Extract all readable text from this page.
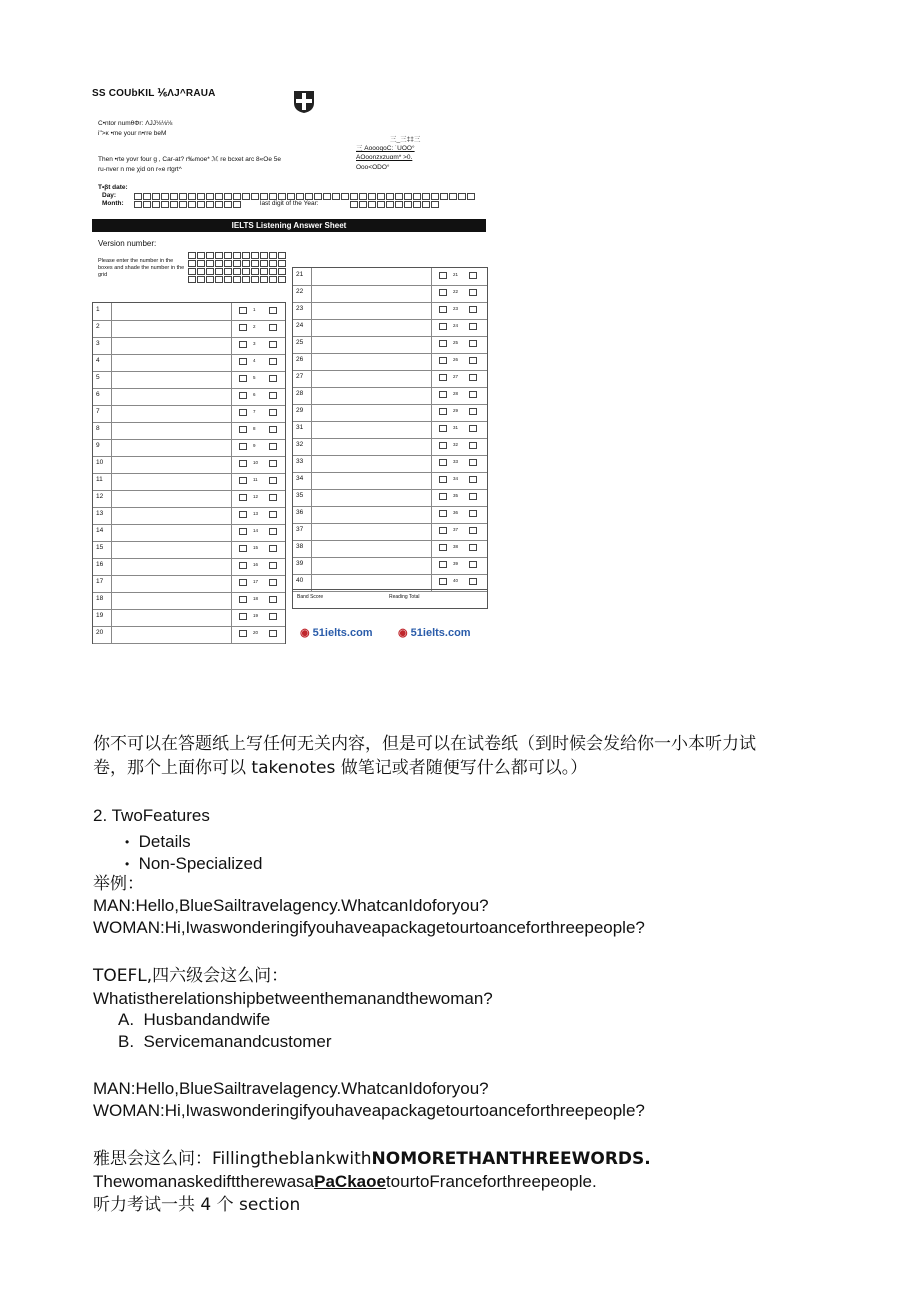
SS COUbKIL ⅙ΛJ^RAUA
C•ntor numθΦr: ΛJJ⅛⅛⅛
i">κ •me your n•rre beM
Then •rte yovr four g , Car-at? r‰moe* ℳ re bcxet arc 8«Oe 5e
ru-nver n me χid on r«e rtgrt^
三_三‡‡三
三 AoooqoC: ˙UOO°
AOoonzxzuαm* >0.
Ooo<ODO°
T•βt date:
Day:
Month:	last digit of the Year:
IELTS Listening Answer Sheet
Version number:
Please enter the number in the boxes and shade the number in the grid
1	1
2	2
3	3
4	4
5	5
6	6
7	7
8	8
9	9
10	10
11	11
12	12
13	13
14	14
15	15
16	16
17	17
18	18
19	19
20	20
21	21
22	22
23	23
24	24
25	25
26	26
27	27
28	28
29	29
31	31
32	32
33	33
34	34
35	35
36	36
37	37
38	38
39	39
40	40
Band Score	Reading Total
◉ 51ielts.com ◉ 51ielts.com
你不可以在答题纸上写任何无关内容，但是可以在试卷纸（到时候会发给你一小本听力试
卷，那个上面你可以 takenotes 做笔记或者随便写什么都可以。）
2. TwoFeatures
• Details
• Non-Specialized
举例：
MAN:Hello,BlueSailtravelagency.WhatcanIdoforyou?
WOMAN:Hi,Iwaswonderingifyouhaveapackagetourtoanceforthreepeople?
TOEFL,四六级会这么问：
Whatistherelationshipbetweenthemanandthewoman?
A. Husbandandwife
B. Servicemanandcustomer
MAN:Hello,BlueSailtravelagency.WhatcanIdoforyou?
WOMAN:Hi,Iwaswonderingifyouhaveapackagetourtoanceforthreepeople?
雅思会这么问：FillingtheblankwithNOMORETHANTHREEWORDS.
ThewomanaskedifttherewasaPaCkaoetourtoFranceforthreepeople.
听力考试一共 4 个 section
